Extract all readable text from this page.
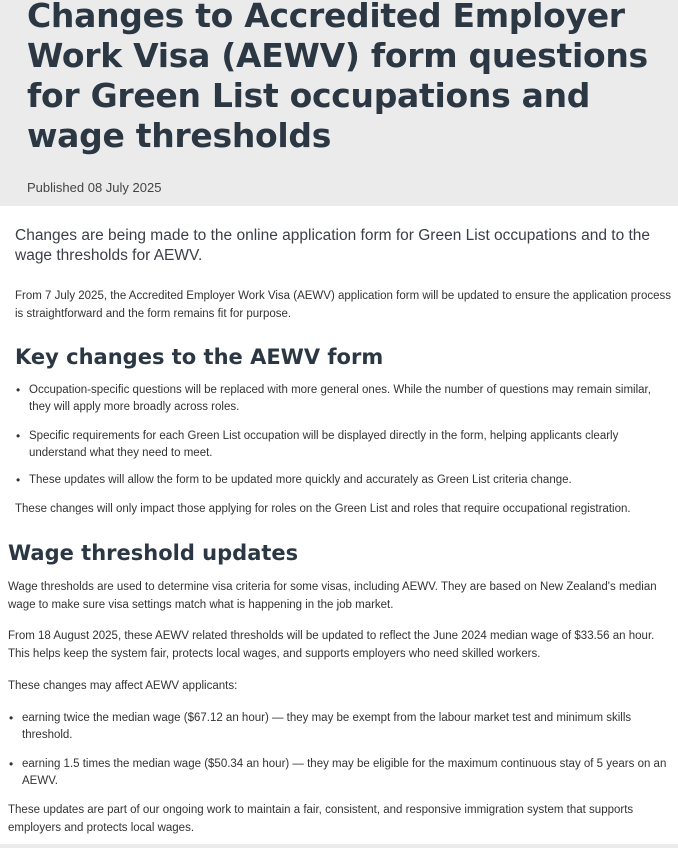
Changes to Accredited Employer Work Visa (AEWV) form questions for Green List occupations and wage thresholds

Published 08 July 2025

Changes are being made to the online application form for Green List occupations and to the wage thresholds for AEWV.

From 7 July 2025, the Accredited Employer Work Visa (AEWV) application form will be updated to ensure the application process is straightforward and the form remains fit for purpose.

Key changes to the AEWV form
• Occupation-specific questions will be replaced with more general ones. While the number of questions may remain similar, they will apply more broadly across roles.
• Specific requirements for each Green List occupation will be displayed directly in the form, helping applicants clearly understand what they need to meet.
• These updates will allow the form to be updated more quickly and accurately as Green List criteria change.

These changes will only impact those applying for roles on the Green List and roles that require occupational registration.

Wage threshold updates

Wage thresholds are used to determine visa criteria for some visas, including AEWV. They are based on New Zealand's median wage to make sure visa settings match what is happening in the job market.

From 18 August 2025, these AEWV related thresholds will be updated to reflect the June 2024 median wage of $33.56 an hour. This helps keep the system fair, protects local wages, and supports employers who need skilled workers.

These changes may affect AEWV applicants:

• earning twice the median wage ($67.12 an hour) — they may be exempt from the labour market test and minimum skills threshold.
• earning 1.5 times the median wage ($50.34 an hour) — they may be eligible for the maximum continuous stay of 5 years on an AEWV.

These updates are part of our ongoing work to maintain a fair, consistent, and responsive immigration system that supports employers and protects local wages.
